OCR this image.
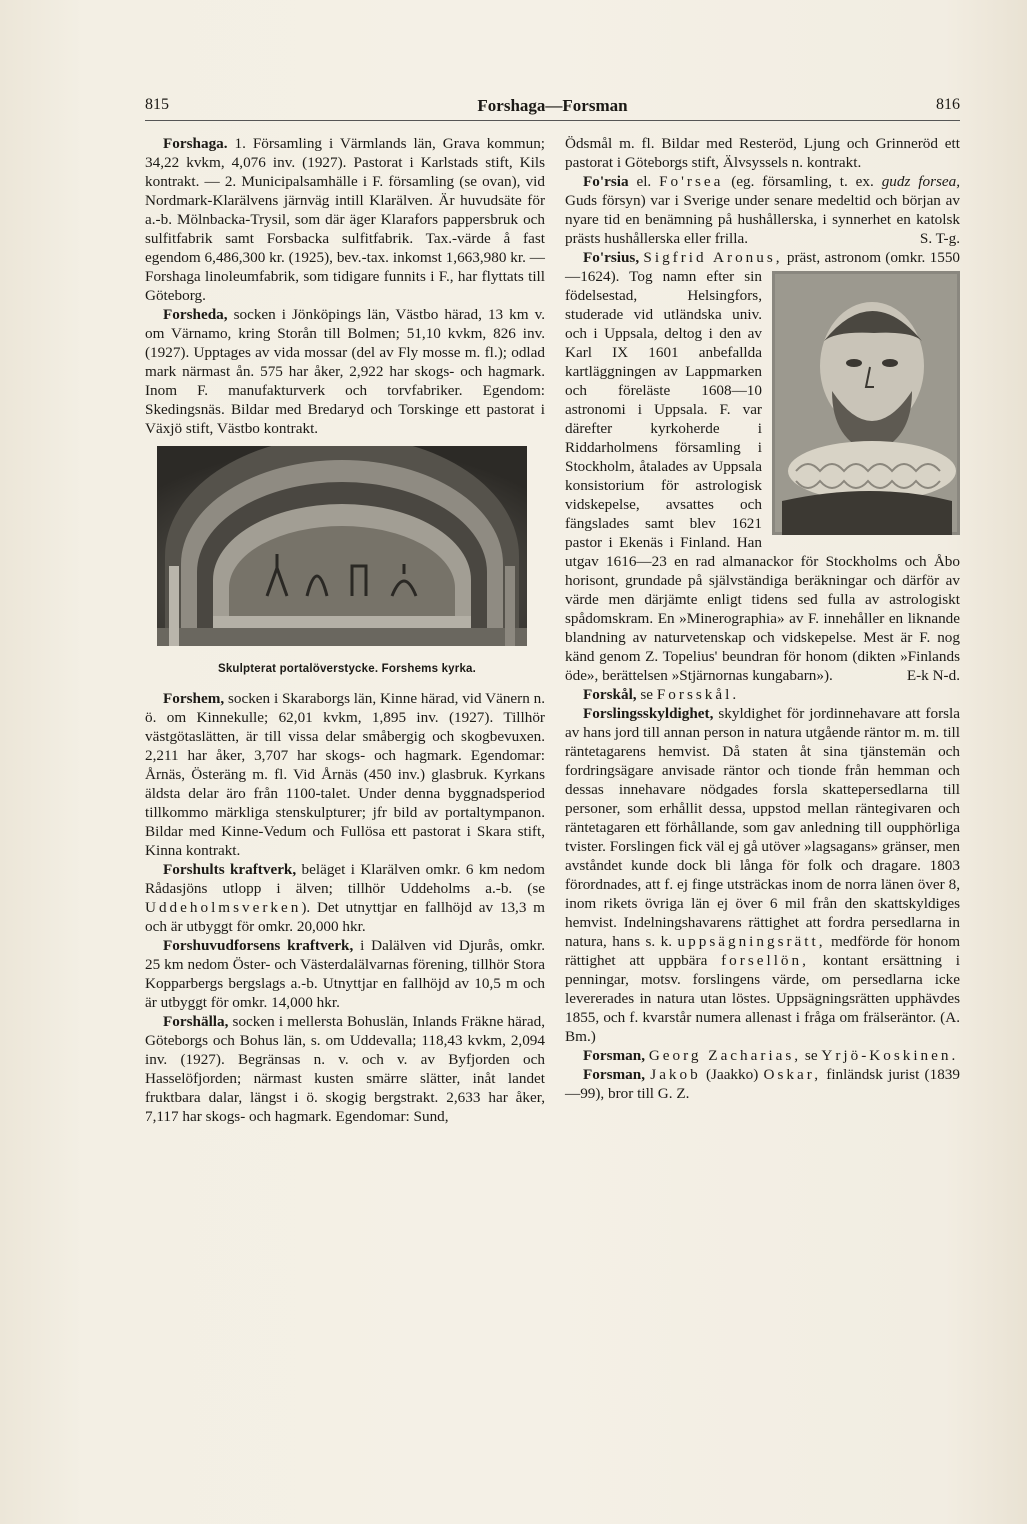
815	Forshaga—Forsman	816

Forshaga. 1. Församling i Värmlands län, Grava kommun; 34,22 kvkm, 4,076 inv. (1927). Pastorat i Karlstads stift, Kils kontrakt. — 2. Municipalsamhälle i F. församling (se ovan), vid Nordmark-Klarälvens järnväg intill Klarälven. Är huvudsäte för a.-b. Mölnbacka-Trysil, som där äger Klarafors pappersbruk och sulfitfabrik samt Forsbacka sulfitfabrik. Tax.-värde å fast egendom 6,486,300 kr. (1925), bev.-tax. inkomst 1,663,980 kr. — Forshaga linoleumfabrik, som tidigare funnits i F., har flyttats till Göteborg.

Forsheda, socken i Jönköpings län, Västbo härad, 13 km v. om Värnamo, kring Storån till Bolmen; 51,10 kvkm, 826 inv. (1927). Upptages av vida mossar (del av Fly mosse m. fl.); odlad mark närmast ån. 575 har åker, 2,922 har skogs- och hagmark. Inom F. manufakturverk och torvfabriker. Egendom: Skedingsnäs. Bildar med Bredaryd och Torskinge ett pastorat i Växjö stift, Västbo kontrakt.

Skulpterat portalöverstycke. Forshems kyrka.

Forshem, socken i Skaraborgs län, Kinne härad, vid Vänern n. ö. om Kinnekulle; 62,01 kvkm, 1,895 inv. (1927). Tillhör västgötaslätten, är till vissa delar småbergig och skogbevuxen. 2,211 har åker, 3,707 har skogs- och hagmark. Egendomar: Årnäs, Österäng m. fl. Vid Årnäs (450 inv.) glasbruk. Kyrkans äldsta delar äro från 1100-talet. Under denna byggnadsperiod tillkommo märkliga stenskulpturer; jfr bild av portaltympanon. Bildar med Kinne-Vedum och Fullösa ett pastorat i Skara stift, Kinna kontrakt.

Forshults kraftverk, beläget i Klarälven omkr. 6 km nedom Rådasjöns utlopp i älven; tillhör Uddeholms a.-b. (se Uddeholmsverken). Det utnyttjar en fallhöjd av 13,3 m och är utbyggt för omkr. 20,000 hkr.

Forshuvudforsens kraftverk, i Dalälven vid Djurås, omkr. 25 km nedom Öster- och Västerdalälvarnas förening, tillhör Stora Kopparbergs bergslags a.-b. Utnyttjar en fallhöjd av 10,5 m och är utbyggt för omkr. 14,000 hkr.

Forshälla, socken i mellersta Bohuslän, Inlands Fräkne härad, Göteborgs och Bohus län, s. om Uddevalla; 118,43 kvkm, 2,094 inv. (1927). Begränsas n. v. och v. av Byfjorden och Hasselöfjorden; närmast kusten smärre slätter, inåt landet fruktbara dalar, längst i ö. skogig bergstrakt. 2,633 har åker, 7,117 har skogs- och hagmark. Egendomar: Sund,

Ödsmål m. fl. Bildar med Resteröd, Ljung och Grinneröd ett pastorat i Göteborgs stift, Älvsyssels n. kontrakt.

Fo'rsia el. Fo'rsea (eg. församling, t. ex. gudz forsea, Guds försyn) var i Sverige under senare medeltid och början av nyare tid en benämning på hushållerska, i synnerhet en katolsk prästs hushållerska eller frilla.	S. T-g.

Fo'rsius, Sigfrid Aronus, präst, astronom (omkr. 1550—1624). Tog namn efter sin födelsestad, Helsingfors, studerade vid utländska univ. och i Uppsala, deltog i den av Karl IX 1601 anbefallda kartläggningen av Lappmarken och föreläste 1608—10 astronomi i Uppsala. F. var därefter kyrkoherde i Riddarholmens församling i Stockholm, åtalades av Uppsala konsistorium för astrologisk vidskepelse, avsattes och fängslades samt blev 1621 pastor i Ekenäs i Finland. Han utgav 1616—23 en rad almanackor för Stockholms och Åbo horisont, grundade på självständiga beräkningar och därför av värde men därjämte enligt tidens sed fulla av astrologiskt spådomskram. En »Minerographia» av F. innehåller en liknande blandning av naturvetenskap och vidskepelse. Mest är F. nog känd genom Z. Topelius' beundran för honom (dikten »Finlands öde», berättelsen »Stjärnornas kungabarn»).	E-k N-d.

Forskål, se Forsskål.

Forslingsskyldighet, skyldighet för jordinnehavare att forsla av hans jord till annan person in natura utgående räntor m. m. till räntetagarens hemvist. Då staten åt sina tjänstemän och fordringsägare anvisade räntor och tionde från hemman och dessas innehavare nödgades forsla skattepersedlarna till personer, som erhållit dessa, uppstod mellan räntegivaren och räntetagaren ett förhållande, som gav anledning till oupphörliga tvister. Forslingen fick väl ej gå utöver »lagsagans» gränser, men avståndet kunde dock bli långa för folk och dragare. 1803 förordnades, att f. ej finge utsträckas inom de norra länen över 8, inom rikets övriga län ej över 6 mil från den skattskyldiges hemvist. Indelningshavarens rättighet att fordra persedlarna in natura, hans s. k. uppsägningsrätt, medförde för honom rättighet att uppbära forsellön, kontant ersättning i penningar, motsv. forslingens värde, om persedlarna icke levererades in natura utan löstes. Uppsägningsrätten upphävdes 1855, och f. kvarstår numera allenast i fråga om frälseräntor. (A. Bm.)

Forsman, Georg Zacharias, se Yrjö-Koskinen.

Forsman, Jakob (Jaakko) Oskar, finländsk jurist (1839—99), bror till G. Z.
